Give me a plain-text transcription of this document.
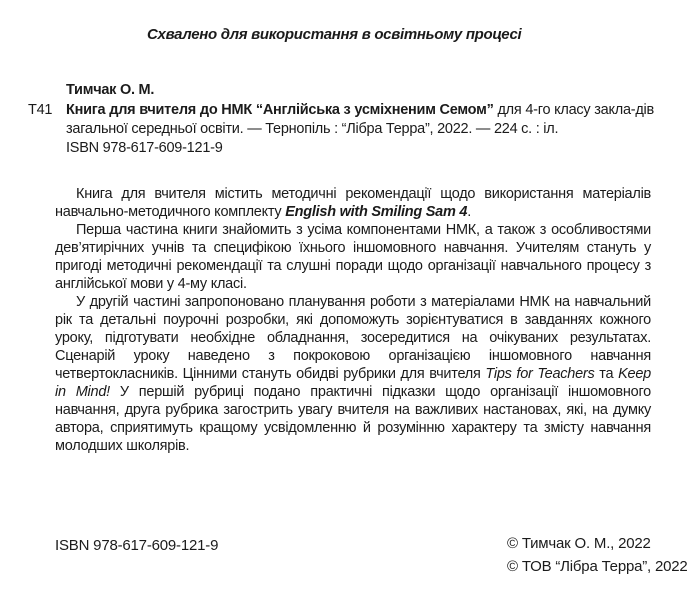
Схвалено для використання в освітньому процесі

Тимчак О. М.

Т41 Книга для вчителя до НМК “Англійська з усміхненим Семом” для 4-го класу закла-дів загальної середньої освіти. — Тернопіль : “Лібра Терра”, 2022. — 224 с. : іл.

ISBN 978-617-609-121-9

Книга для вчителя містить методичні рекомендації щодо використання матеріалів навчально-методичного комплекту English with Smiling Sam 4.

Перша частина книги знайомить з усіма компонентами НМК, а також з особливостями дев’ятирічних учнів та специфікою їхнього іншомовного навчання. Учителям стануть у пригоді методичні рекомендації та слушні поради щодо організації навчального процесу з англійської мови у 4-му класі.

У другій частині запропоновано планування роботи з матеріалами НМК на навчальний рік та детальні поурочні розробки, які допоможуть зорієнтуватися в завданнях кожного уроку, підготувати необхідне обладнання, зосередитися на очікуваних результатах. Сценарій уроку наведено з покроковою організацією іншомовного навчання четвертокласників. Цінними стануть обидві рубрики для вчителя Tips for Teachers та Keep in Mind! У першій рубриці подано практичні підказки щодо організації іншомовного навчання, друга рубрика загострить увагу вчителя на важливих настановах, які, на думку автора, сприятимуть кращому усвідомленню й розумінню характеру та змісту навчання молодших школярів.

ISBN 978-617-609-121-9	© Тимчак О. М., 2022
© ТОВ “Лібра Терра”, 2022
